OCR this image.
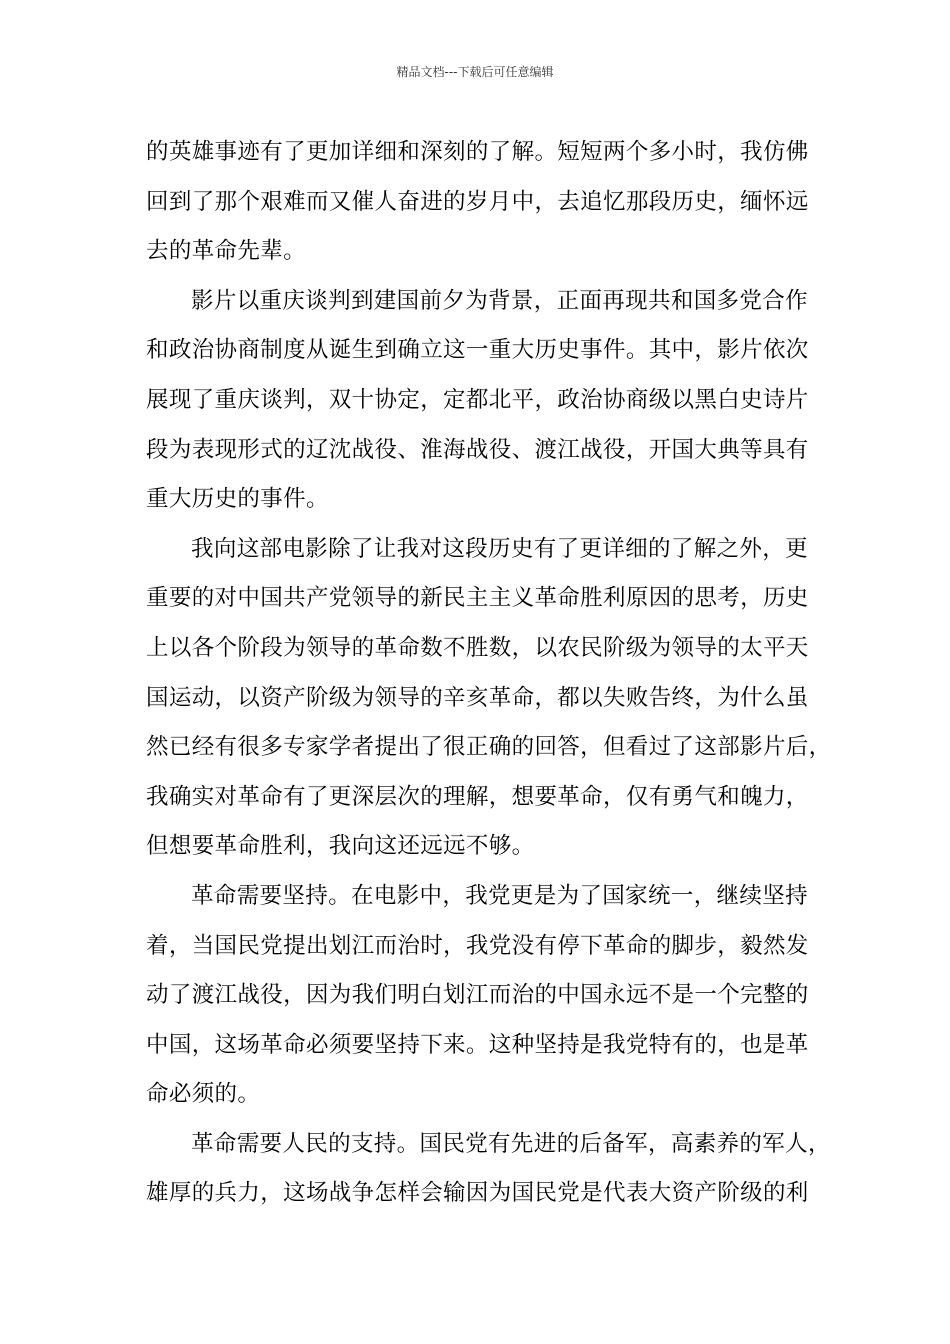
精品文档---下载后可任意编辑
的英雄事迹有了更加详细和深刻的了解。短短两个多小时，我仿佛
回到了那个艰难而又催人奋进的岁月中，去追忆那段历史，缅怀远
去的革命先辈。
影片以重庆谈判到建国前夕为背景，正面再现共和国多党合作
和政治协商制度从诞生到确立这一重大历史事件。其中，影片依次
展现了重庆谈判，双十协定，定都北平，政治协商级以黑白史诗片
段为表现形式的辽沈战役、淮海战役、渡江战役，开国大典等具有
重大历史的事件。
我向这部电影除了让我对这段历史有了更详细的了解之外，更
重要的对中国共产党领导的新民主主义革命胜利原因的思考，历史
上以各个阶段为领导的革命数不胜数，以农民阶级为领导的太平天
国运动，以资产阶级为领导的辛亥革命，都以失败告终，为什么虽
然已经有很多专家学者提出了很正确的回答，但看过了这部影片后，
我确实对革命有了更深层次的理解，想要革命，仅有勇气和魄力，
但想要革命胜利，我向这还远远不够。
革命需要坚持。在电影中，我党更是为了国家统一，继续坚持
着，当国民党提出划江而治时，我党没有停下革命的脚步，毅然发
动了渡江战役，因为我们明白划江而治的中国永远不是一个完整的
中国，这场革命必须要坚持下来。这种坚持是我党特有的，也是革
命必须的。
革命需要人民的支持。国民党有先进的后备军，高素养的军人，
雄厚的兵力，这场战争怎样会输因为国民党是代表大资产阶级的利
